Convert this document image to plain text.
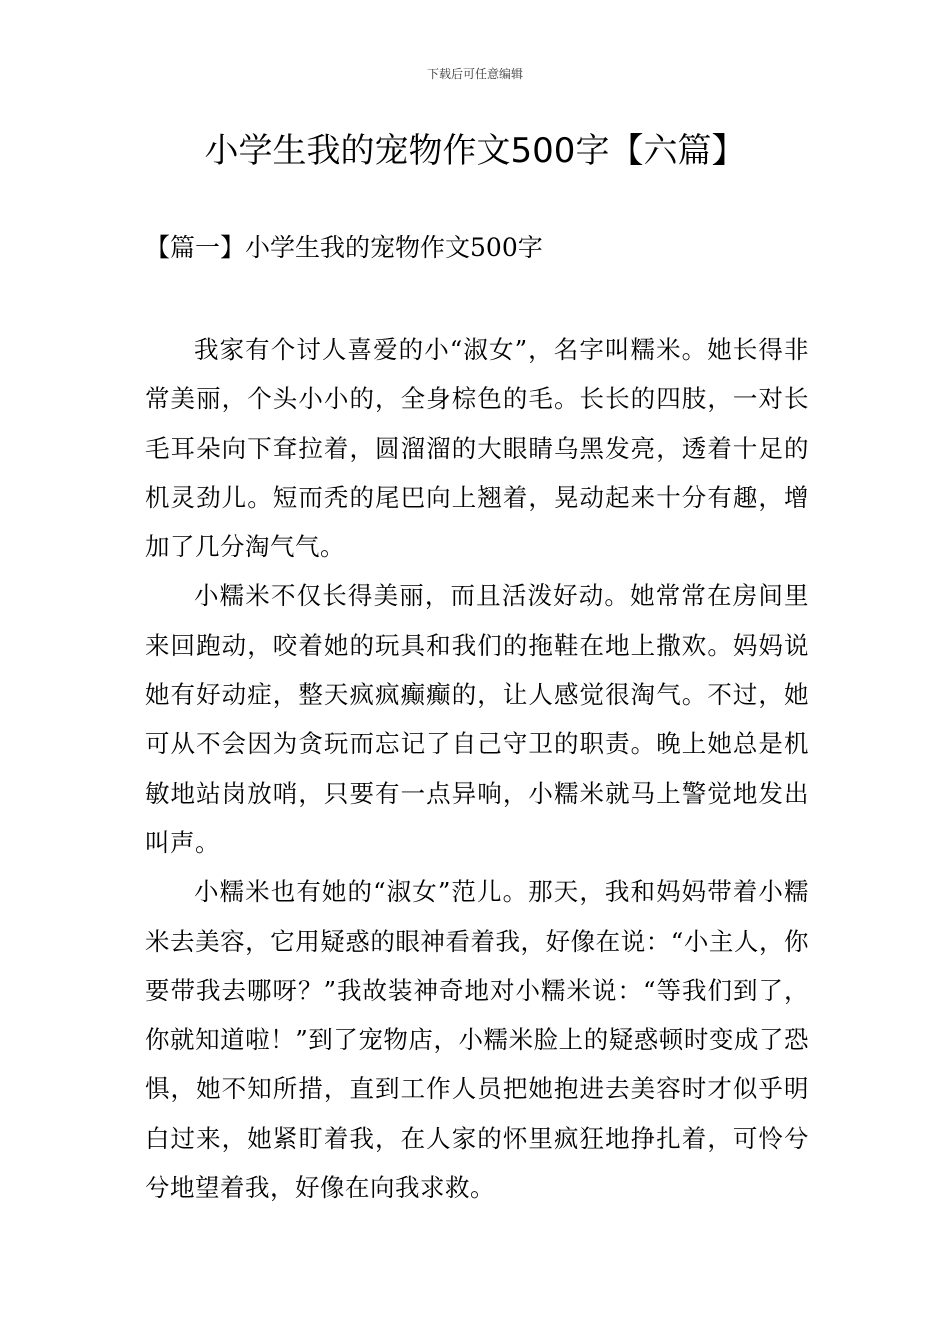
下载后可任意编辑
小学生我的宠物作文500字【六篇】
【篇一】小学生我的宠物作文500字

我家有个讨人喜爱的小“淑女”，名字叫糯米。她长得非常美丽，个头小小的，全身棕色的毛。长长的四肢，一对长毛耳朵向下耷拉着，圆溜溜的大眼睛乌黑发亮，透着十足的机灵劲儿。短而秃的尾巴向上翘着，晃动起来十分有趣，增加了几分淘气气。

小糯米不仅长得美丽，而且活泼好动。她常常在房间里来回跑动，咬着她的玩具和我们的拖鞋在地上撒欢。妈妈说她有好动症，整天疯疯癫癫的，让人感觉很淘气。不过，她可从不会因为贪玩而忘记了自己守卫的职责。晚上她总是机敏地站岗放哨，只要有一点异响，小糯米就马上警觉地发出叫声。

小糯米也有她的“淑女”范儿。那天，我和妈妈带着小糯米去美容，它用疑惑的眼神看着我，好像在说：“小主人，你要带我去哪呀？”我故装神奇地对小糯米说：“等我们到了，你就知道啦！”到了宠物店，小糯米脸上的疑惑顿时变成了恐惧，她不知所措，直到工作人员把她抱进去美容时才似乎明白过来，她紧盯着我，在人家的怀里疯狂地挣扎着，可怜兮兮地望着我，好像在向我求救。
